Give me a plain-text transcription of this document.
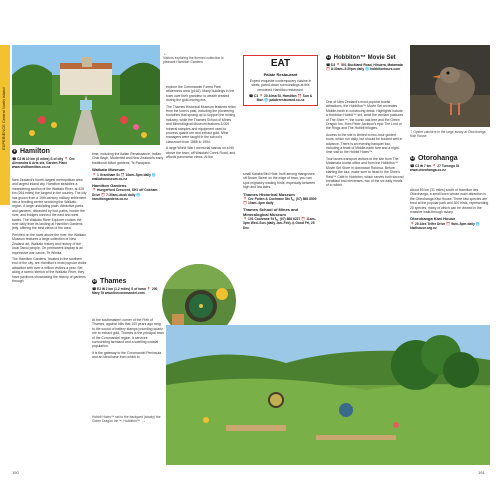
EXPERIENCE Central North Island
←
Visitors exploring the themed collection in pleasant Hamilton Gardens
9 Hamilton
☎ C3 ✉ 10 km (6 miles) S of city 📍 Cnr Alexandra & Arts sts, Garden Place www.visithamilton.co.nz

New Zealand's fourth-largest metropolitan area and largest inland city, Hamilton straddles a meandering section of the Waikato River, at 425 km (264 miles) the longest in the country. The city has grown from a 19th-century military settlement into a bustling centre servicing the Waikato region. A large undulating plain. Attractive parks and gardens, dissected by foot-paths, border the river, and bridges connect the east and west banks. The Waikato River Explorer cruises the river daily from its landing at Hamilton Gardens jetty, offering the best views of the area.

Perched on the bank above the river, the Waikato Museum features a large collection of New Zealand art, Waikato history and history of the local Tainui people. On permanent display is an impressive war canoe, Te Winika.

The Hamilton Gardens, located in the southern end of the city, are Hamilton's most popular visitor attraction with over a million visitors a year. Set along a scenic stretch of the Waikato River, they have pavilions showcasing the history of gardens through

time, including the Italian Renaissance, Indian Char Bagh, Modernist and New Zealand's early traditional Māori gardens, Te Parapara.

Waikato Museum
📍 1 Grantham St ⏰ 10am–5pm daily 🌐 waikatomuseum.co.nz
Hamilton Gardens
📍 Hungerford Crescent, SH1 off Cobham Drive ⏰ 7:30am–dusk daily 🌐 hamiltongardens.co.nz
10 Thames
☎ E2 ✉ 2 km (1.2 miles) S of town 📍 200 Mary St www.thecoromandel.com

At the southeastern corner of the Firth of Thames, against hills that 100 years ago rang to the sound of battery stamps pounding quartz ore to extract gold, Thames is the principal town of the Coromandel region. It services surrounding farmland and a swelling coastal population.

It is the gateway to the Coromandel Peninsula and an ideal base from which to

explore the Coromandel Forest Park wilderness area (p162). Many buildings in the town owe their grandeur to wealth created during the gold-mining era.

The Thames Historical Museum features relics from the town's past, including the pioneering foundries that sprang up to support the mining industry, while the Thames School of Mines and Mineralogical Museum features 5,000 mineral samples and equipment used to process quartz ore and extract gold. Mine managers were taught in the school's classroom from 1885 to 1954.

A large World War I memorial stands on a hill above the town, off Waiotahi Creek Road, and affords panoramic views. At the

EAT
Palate Restaurant
Expect exquisite contemporary cuisine in sleek, pared-down surroundings at this renowned Hamilton restaurant.
☎ C3 📍 20 Alma St, Hamilton ⏰ Sun & Mon 🌐 palaterestaurant.co.nz

small Karaka Bird Hide, built among mangroves off Brown Street on the edge of town, you can spot migratory wading birds, especially between high and low tides.

Thames Historical Museum
📍 Cnr Pollen & Cochrane Sts 📞 (07) 868 8509 ⏰ 10am–4pm daily
Thames School of Mines and Mineralogical Museum
📍 101 Cochrane St 📞 (07) 868 6227 ⏰ 11am–3pm Wed–Sun (daily Jan–Feb) ⚠ Good Fri, 25 Dec
11 Hobbiton™ Movie Set
☎ D3 📍 501 Buckland Road, Hinuera, Matamata ⏰ 8:30am–3:30pm daily 🌐 hobbitontours.com

One of New Zealand's most popular tourist attractions, the Hobbiton™ Movie Set recreates Middle-earth in convincing detail. Highlights include a Hobbiton Hobbit™ set, amid the verdant pastures of The Shire™, the iconic oak tree and the Green Dragon Inn, from Peter Jackson's epic The Lord of the Rings and The Hobbit trilogies.

Access to the site is limited to two-hour guided tours, which run daily, but should be booked well in advance. There is an evening banquet tour, including a feast of Middle-earth fare and a night-time visit to the Hobbit Holes™.

Tour buses transport visitors to the site from The Matamata tourist office and from the Hobbiton™ Movie Set Store in downtown Rotorua. Before starting the tour, make sure to head to the Shire's Rest™ Café in Hobbiton, which serves both second breakfast and elevenses, two of the six daily meals of a hobbit.

↑ Oyster catchers in the large aviary at Otorohanga Kiwi House
12 Otorohanga
☎ C3 ✉ 7 km 📍 27 Turongo St www.otorohanga.co.nz

About 50 km (31 miles) south of Hamilton lies Otorohanga, a small town whose main attraction is the Otorohanga Kiwi House. Three kiwi species are bred at the popular park and 300 birds, representing 20 species, many of which can be viewed in the massive walk-through aviary.

Otorohanga Kiwi House
📍 20 Alex Telfer Drive ⏰ 9am–5pm daily 🌐 kiwihouse.org.nz
Hobbit Holes™ set to the backyard (slowly) the Green Dragon Inn™, Hobbiton™ →
190	191
